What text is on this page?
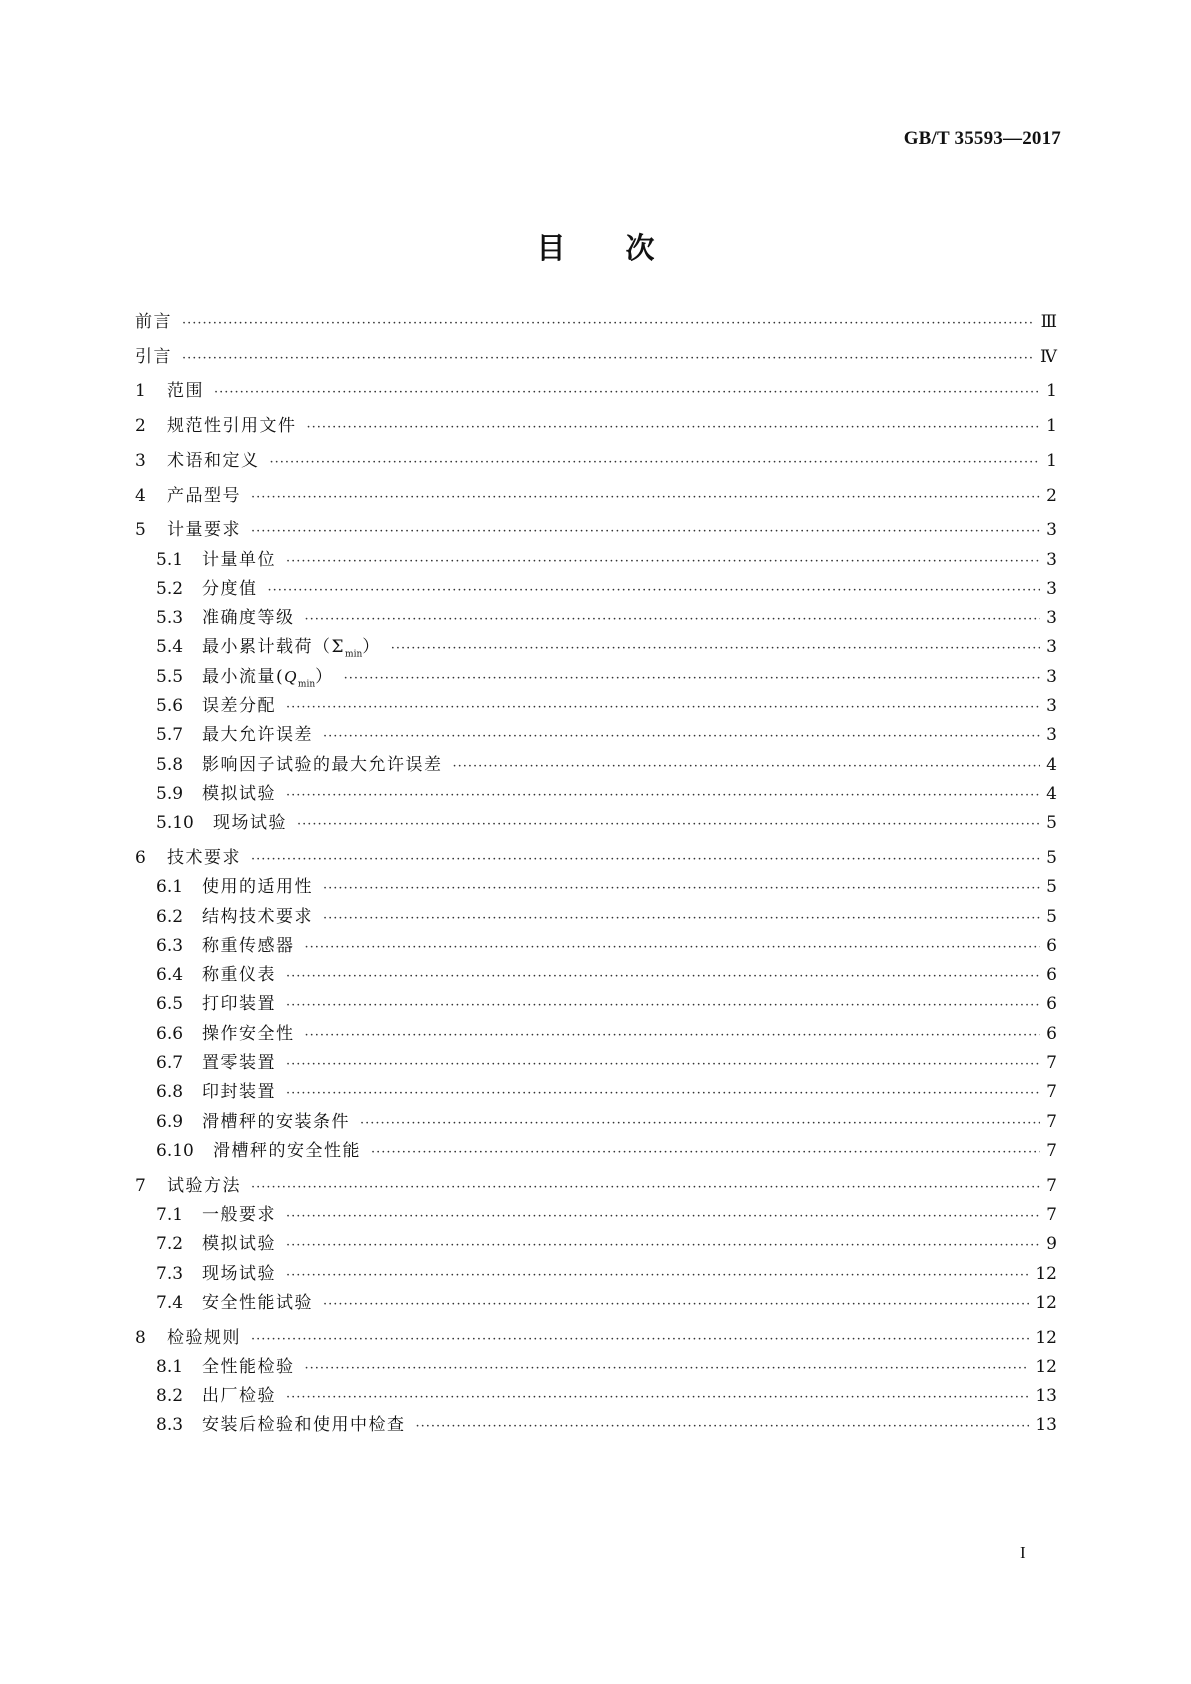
GB/T 35593—2017
目次
前言 ·····	Ⅲ
引言 ·····	Ⅳ
1	范围 ·····	1
2	规范性引用文件 ·····	1
3	术语和定义 ·····	1
4	产品型号 ·····	2
5	计量要求 ·····	3
5.1	计量单位 ·····	3
5.2	分度值 ·····	3
5.3	准确度等级 ·····	3
5.4	最小累计载荷$(\Sigma_{min})$ ·····	3
5.5	最小流量$(Q_{min})$ ·····	3
5.6	误差分配 ·····	3
5.7	最大允许误差 ·····	3
5.8	影响因子试验的最大允许误差 ·····	4
5.9	模拟试验 ·····	4
5.10	现场试验 ·····	5
6	技术要求 ·····	5
6.1	使用的适用性 ·····	5
6.2	结构技术要求 ·····	5
6.3	称重传感器 ·····	6
6.4	称重仪表 ·····	6
6.5	打印装置 ·····	6
6.6	操作安全性 ·····	6
6.7	置零装置 ·····	7
6.8	印封装置 ·····	7
6.9	滑槽秤的安装条件 ·····	7
6.10	滑槽秤的安全性能 ·····	7
7	试验方法 ·····	7
7.1	一般要求 ·····	7
7.2	模拟试验 ·····	9
7.3	现场试验 ·····	12
7.4	安全性能试验 ·····	12
8	检验规则 ·····	12
8.1	全性能检验 ·····	12
8.2	出厂检验 ·····	13
8.3	安装后检验和使用中检查 ·····	13
I
